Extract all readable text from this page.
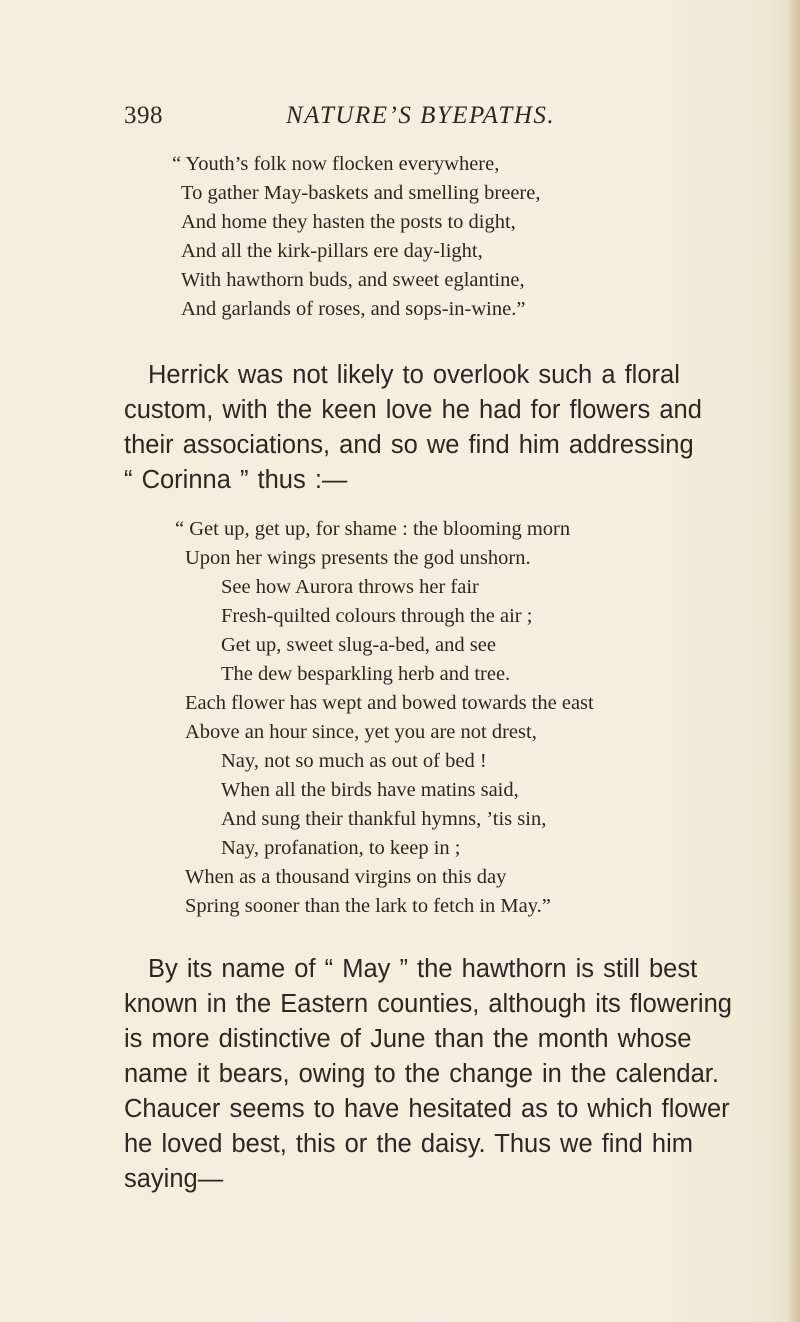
398	NATURE’S BYEPATHS.
“ Youth’s folk now flocken everywhere,
To gather May-baskets and smelling breere,
And home they hasten the posts to dight,
And all the kirk-pillars ere day-light,
With hawthorn buds, and sweet eglantine,
And garlands of roses, and sops-in-wine.”
Herrick was not likely to overlook such a floral
custom, with the keen love he had for flowers and
their associations, and so we find him addressing
“ Corinna ” thus :—
“ Get up, get up, for shame : the blooming morn
Upon her wings presents the god unshorn.
See how Aurora throws her fair
Fresh-quilted colours through the air ;
Get up, sweet slug-a-bed, and see
The dew besparkling herb and tree.
Each flower has wept and bowed towards the east
Above an hour since, yet you are not drest,
Nay, not so much as out of bed !
When all the birds have matins said,
And sung their thankful hymns, ’tis sin,
Nay, profanation, to keep in ;
When as a thousand virgins on this day
Spring sooner than the lark to fetch in May.”
By its name of “ May ” the hawthorn is still best
known in the Eastern counties, although its flowering
is more distinctive of June than the month whose
name it bears, owing to the change in the calendar.
Chaucer seems to have hesitated as to which flower
he loved best, this or the daisy. Thus we find him
saying—
